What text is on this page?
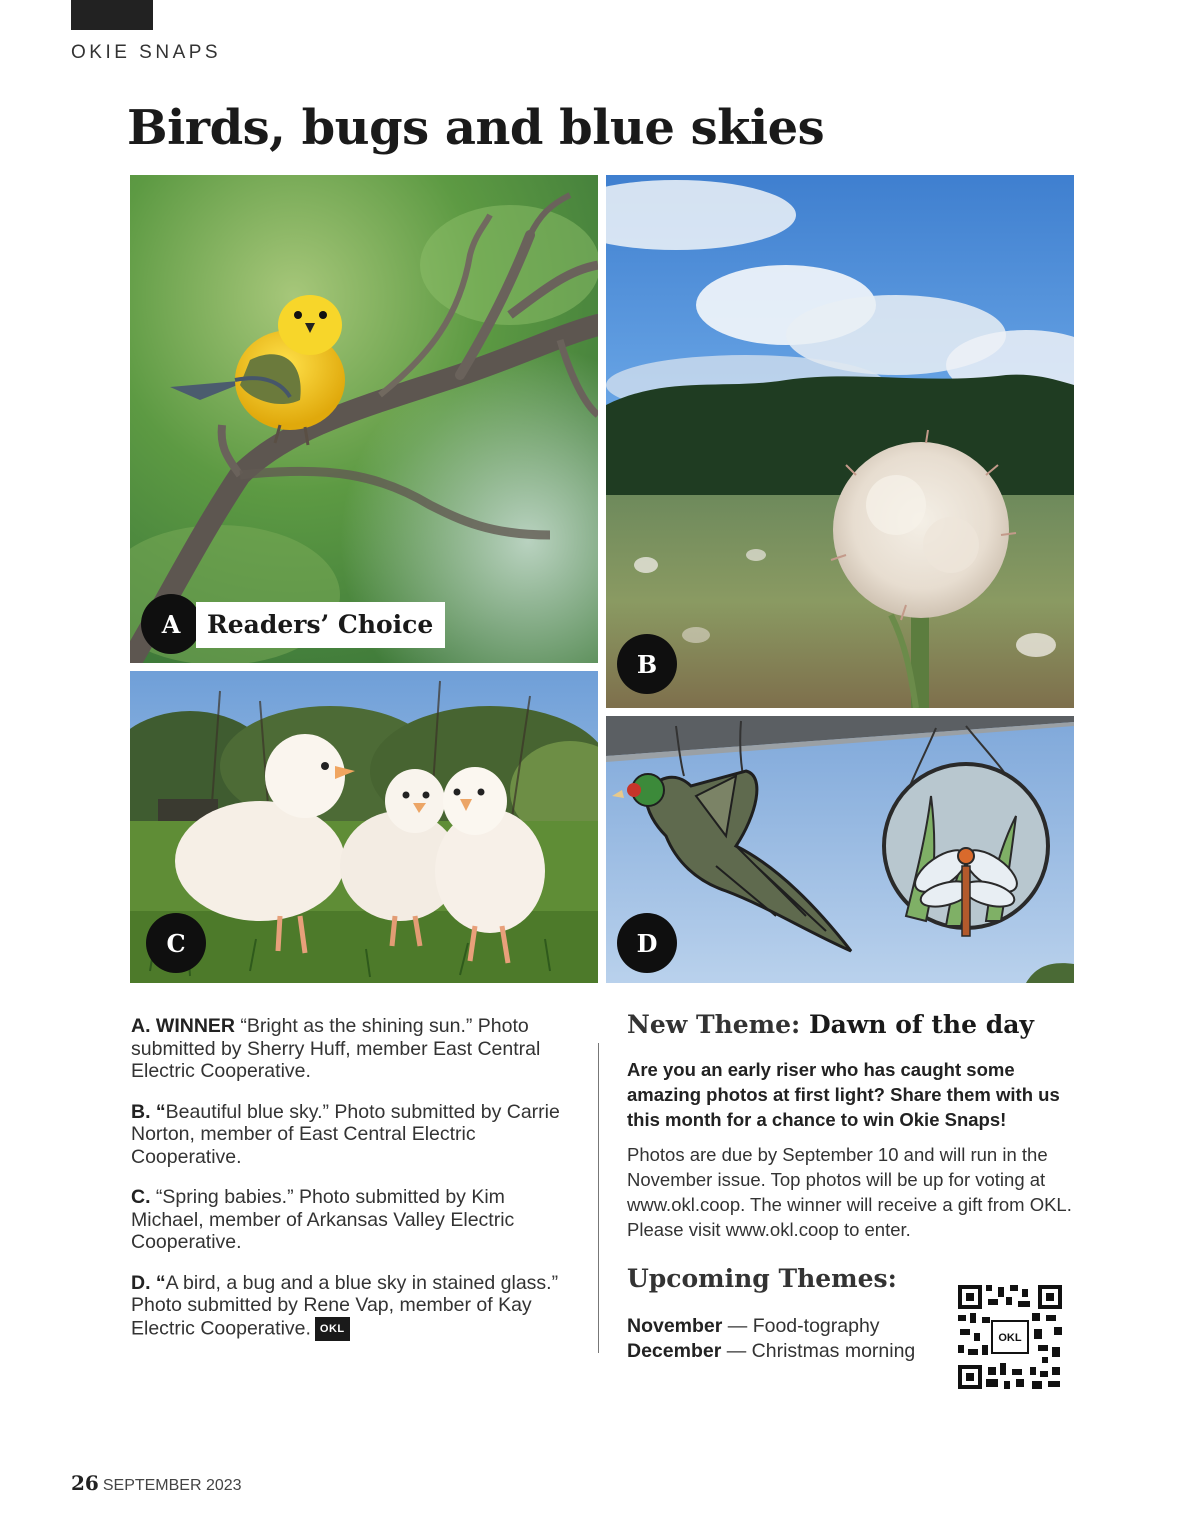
OKIE SNAPS
Birds, bugs and blue skies
A	Readers’ Choice
B
C	D

A. WINNER “Bright as the shining sun.” Photo submitted by Sherry Huff, member East Central Electric Cooperative.

B. “Beautiful blue sky.” Photo submitted by Carrie Norton, member of East Central Electric Cooperative.

C. “Spring babies.” Photo submitted by Kim Michael, member of Arkansas Valley Electric Cooperative.

D. “A bird, a bug and a blue sky in stained glass.” Photo submitted by Rene Vap, member of Kay Electric Cooperative. OKL

New Theme: Dawn of the day

Are you an early riser who has caught some amazing photos at first light? Share them with us this month for a chance to win Okie Snaps!

Photos are due by September 10 and will run in the November issue. Top photos will be up for voting at www.okl.coop. The winner will receive a gift from OKL. Please visit www.okl.coop to enter.

Upcoming Themes:
November — Food-tography
December — Christmas morning
OKL
26 SEPTEMBER 2023
